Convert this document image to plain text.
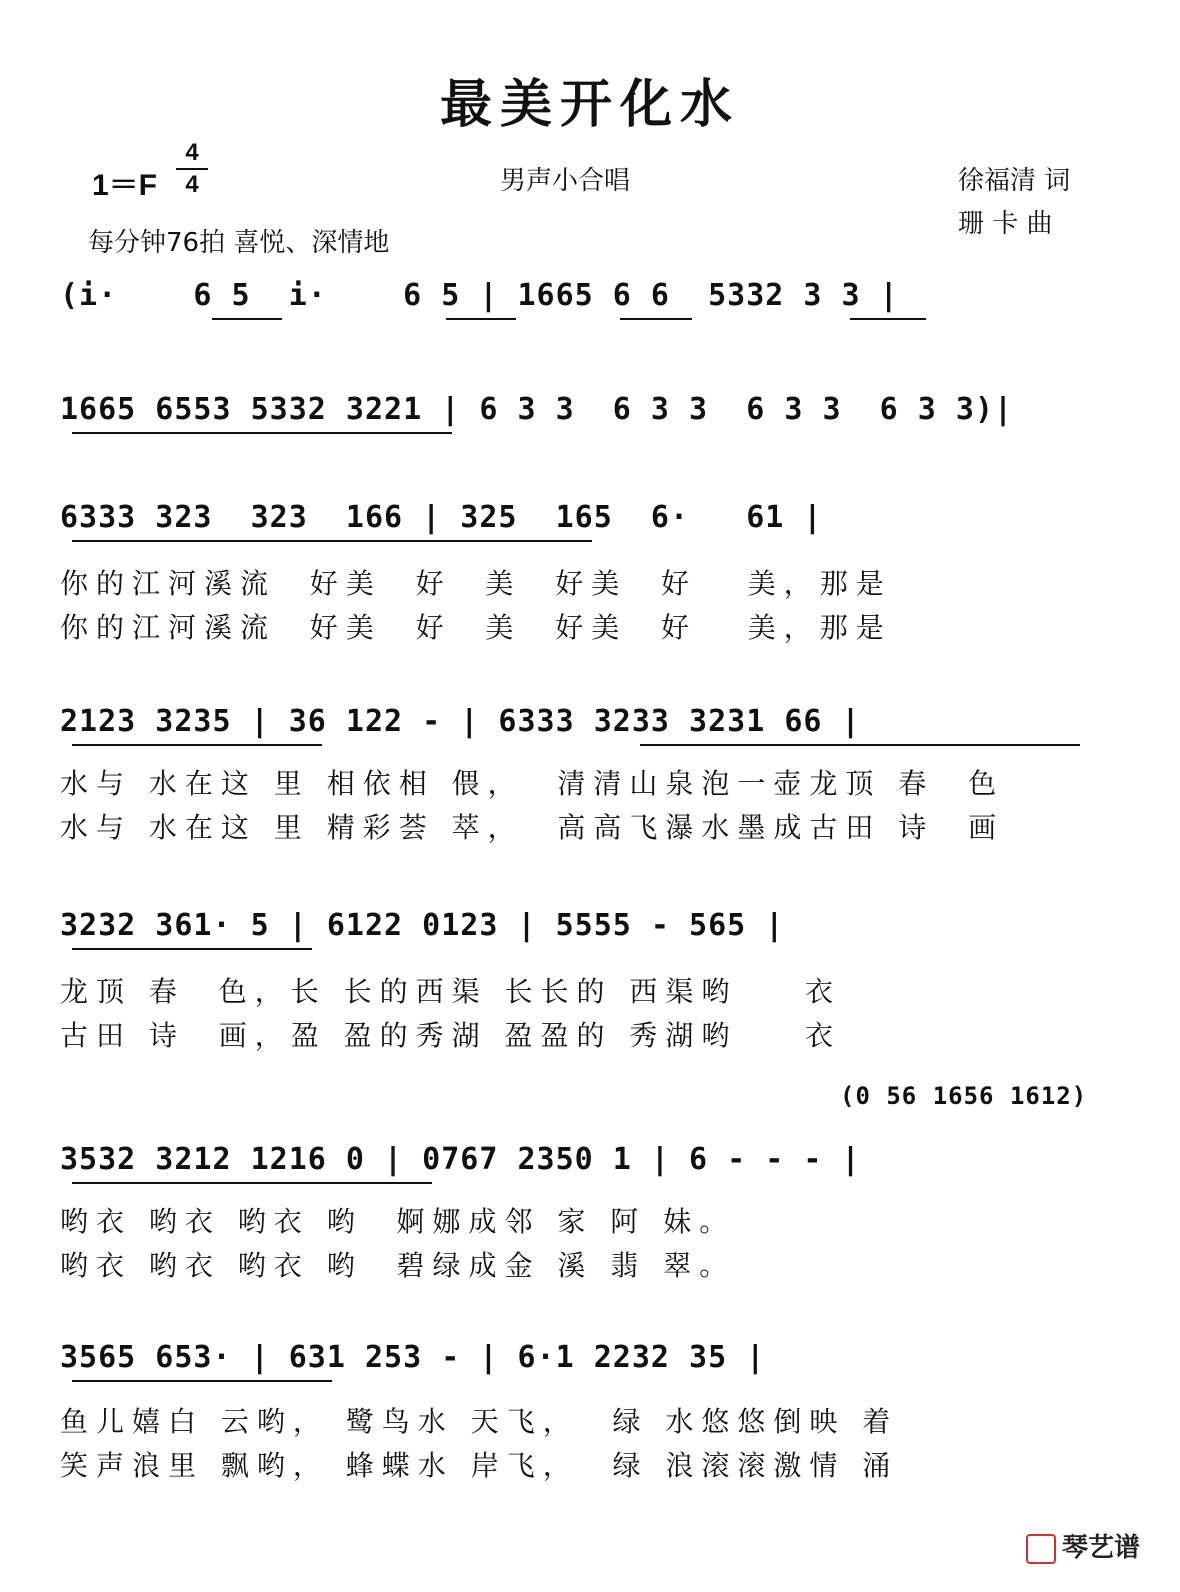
最美开化水
1＝F
4
4	男声小合唱	徐福清 词
珊 卡 曲
每分钟76拍 喜悦、深情地
(i·    6 5  i·    6 5 | 1665 6 6  5332 3 3 |
1665 6553 5332 3221 | 6 3 3  6 3 3  6 3 3  6 3 3)|
6333 323  323  166 | 325  165  6·   61 |
你的江河溪流  好美  好  美  好美  好   美，那是
你的江河溪流  好美  好  美  好美  好   美，那是
2123 3235 | 36 122 - | 6333 3233 3231 66 |
水与 水在这 里 相依相 偎，  清清山泉泡一壶龙顶 春  色
水与 水在这 里 精彩荟 萃，  高高飞瀑水墨成古田 诗  画
3232 361· 5 | 6122 0123 | 5555 - 565 |
龙顶 春  色，长 长的西渠 长长的 西渠哟    衣
古田 诗  画，盈 盈的秀湖 盈盈的 秀湖哟    衣
(0 56 1656 1612)
3532 3212 1216 0 | 0767 2350 1 | 6 - - - |
哟衣 哟衣 哟衣 哟  婀娜成邻 家 阿 妹。
哟衣 哟衣 哟衣 哟  碧绿成金 溪 翡 翠。
3565 653· | 631 253 - | 6·1 2232 35 |
鱼儿嬉白 云哟， 鹭鸟水 天飞，  绿 水悠悠倒映 着
笑声浪里 飘哟， 蜂蝶水 岸飞，  绿 浪滚滚激情 涌
琴艺谱
